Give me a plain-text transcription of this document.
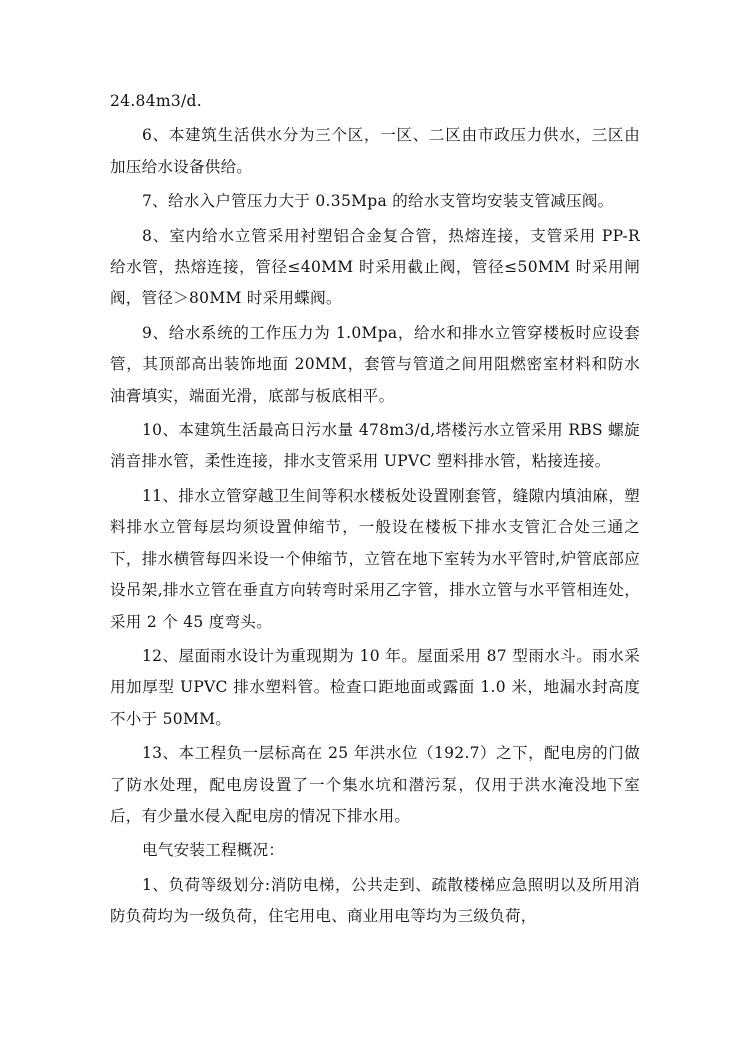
24.84m3/d.

6、本建筑生活供水分为三个区，一区、二区由市政压力供水，三区由加压给水设备供给。

7、给水入户管压力大于 0.35Mpa 的给水支管均安装支管减压阀。

8、室内给水立管采用衬塑铝合金复合管，热熔连接，支管采用 PP-R 给水管，热熔连接，管径≤40MM 时采用截止阀，管径≤50MM 时采用闸阀，管径＞80MM 时采用蝶阀。

9、给水系统的工作压力为 1.0Mpa，给水和排水立管穿楼板时应设套管，其顶部高出装饰地面 20MM，套管与管道之间用阻燃密室材料和防水油膏填实，端面光滑，底部与板底相平。

10、本建筑生活最高日污水量 478m3/d,塔楼污水立管采用 RBS 螺旋消音排水管，柔性连接，排水支管采用 UPVC 塑料排水管，粘接连接。

11、排水立管穿越卫生间等积水楼板处设置刚套管，缝隙内填油麻，塑料排水立管每层均须设置伸缩节，一般设在楼板下排水支管汇合处三通之下，排水横管每四米设一个伸缩节，立管在地下室转为水平管时,炉管底部应设吊架,排水立管在垂直方向转弯时采用乙字管，排水立管与水平管相连处，采用 2 个 45 度弯头。

12、屋面雨水设计为重现期为 10 年。屋面采用 87 型雨水斗。雨水采用加厚型 UPVC 排水塑料管。检查口距地面或露面 1.0 米，地漏水封高度不小于 50MM。

13、本工程负一层标高在 25 年洪水位（192.7）之下，配电房的门做了防水处理，配电房设置了一个集水坑和潜污泵，仅用于洪水淹没地下室后，有少量水侵入配电房的情况下排水用。

电气安装工程概况：

1、负荷等级划分:消防电梯，公共走到、疏散楼梯应急照明以及所用消防负荷均为一级负荷，住宅用电、商业用电等均为三级负荷，
